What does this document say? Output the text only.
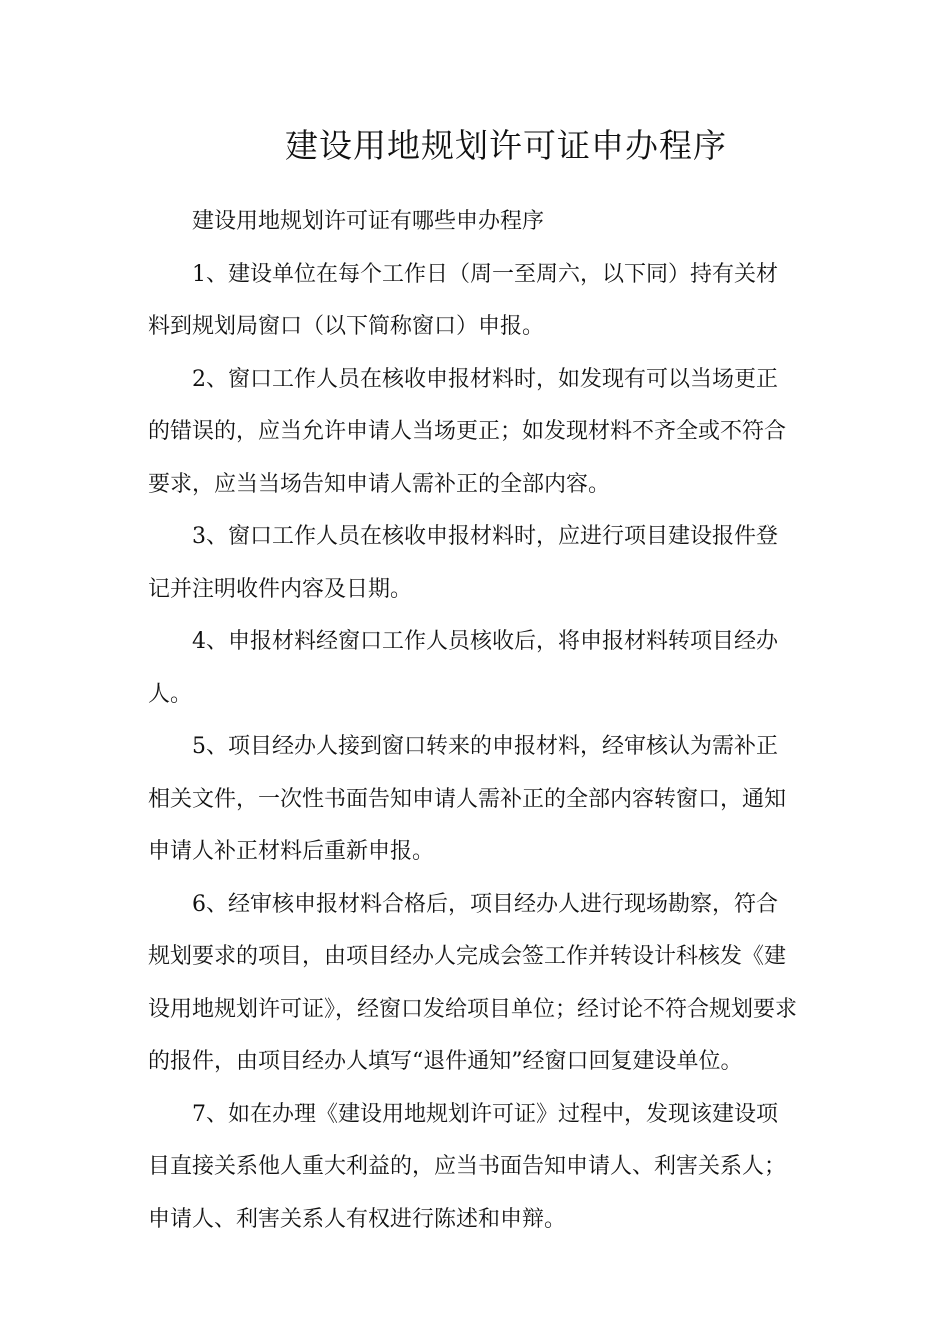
建设用地规划许可证申办程序

建设用地规划许可证有哪些申办程序

1、建设单位在每个工作日（周一至周六，以下同）持有关材料到规划局窗口（以下简称窗口）申报。

2、窗口工作人员在核收申报材料时，如发现有可以当场更正的错误的，应当允许申请人当场更正；如发现材料不齐全或不符合要求，应当当场告知申请人需补正的全部内容。

3、窗口工作人员在核收申报材料时，应进行项目建设报件登记并注明收件内容及日期。

4、申报材料经窗口工作人员核收后，将申报材料转项目经办人。

5、项目经办人接到窗口转来的申报材料，经审核认为需补正相关文件，一次性书面告知申请人需补正的全部内容转窗口，通知申请人补正材料后重新申报。

6、经审核申报材料合格后，项目经办人进行现场勘察，符合规划要求的项目，由项目经办人完成会签工作并转设计科核发《建设用地规划许可证》，经窗口发给项目单位；经讨论不符合规划要求的报件，由项目经办人填写“退件通知”经窗口回复建设单位。

7、如在办理《建设用地规划许可证》过程中，发现该建设项目直接关系他人重大利益的，应当书面告知申请人、利害关系人；申请人、利害关系人有权进行陈述和申辩。
